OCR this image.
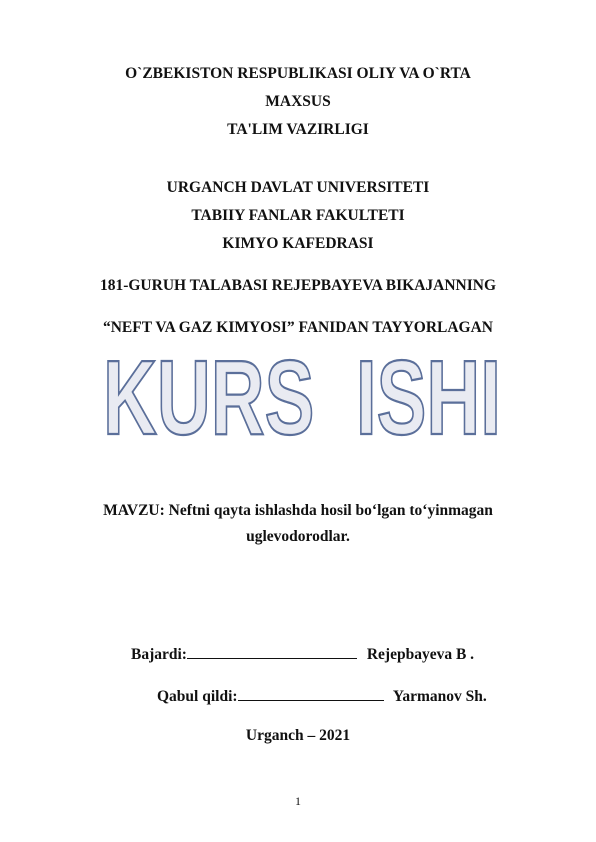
O`ZBEKISTON RESPUBLIKASI OLIY VA O`RTA
MAXSUS
TA'LIM VAZIRLIGI
URGANCH DAVLAT UNIVERSITETI
TABIIY FANLAR FAKULTETI
KIMYO KAFEDRASI
181-GURUH TALABASI REJEPBAYEVA BIKAJANNING
“NEFT VA GAZ KIMYOSI” FANIDAN TAYYORLAGAN
KURS  ISHI
MAVZU: Neftni qayta ishlashda hosil bo‘lgan to‘yinmagan
uglevodorodlar.
Bajardi:	Rejepbayeva B .
Qabul qildi:	Yarmanov Sh.
Urganch – 2021
1
